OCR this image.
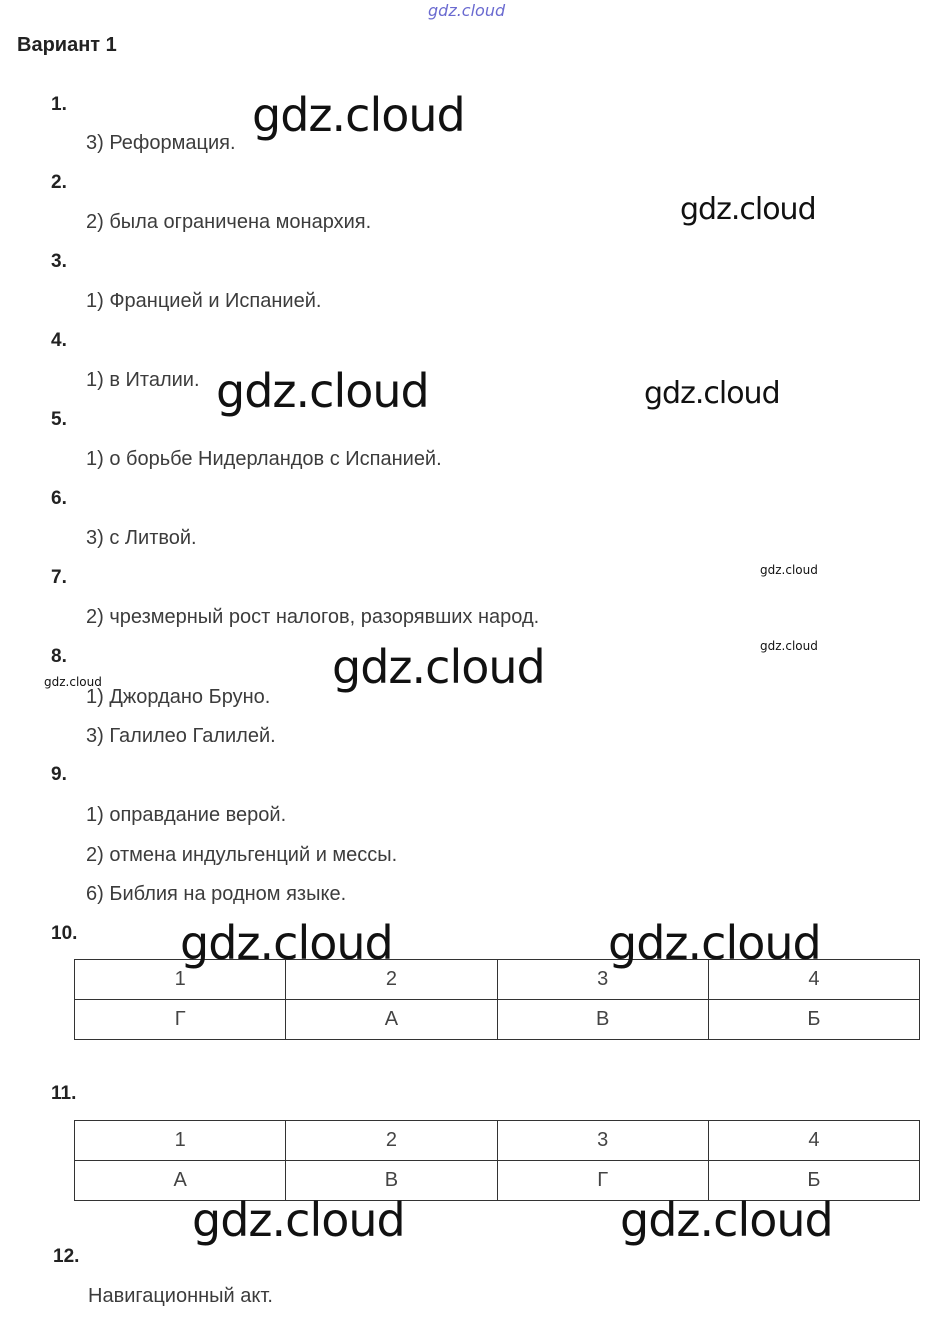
gdz.cloud
Вариант 1
1.
3) Реформация.
2.
2) была ограничена монархия.
3.
1) Францией и Испанией.
4.
1) в Италии.
5.
1) о борьбе Нидерландов с Испанией.
6.
3) с Литвой.
7.
2) чрезмерный рост налогов, разорявших народ.
8.
1) Джордано Бруно.
3) Галилео Галилей.
9.
1) оправдание верой.
2) отмена индульгенций и мессы.
6) Библия на родном языке.
10.
1	2	3	4
Г	А	В	Б
11.
1	2	3	4
А	В	Г	Б
12.
Навигационный акт.
gdz.cloud
gdz.cloud
gdz.cloud	gdz.cloud
gdz.cloud
gdz.cloud
gdz.cloud
gdz.cloud
gdz.cloud	gdz.cloud
gdz.cloud	gdz.cloud
